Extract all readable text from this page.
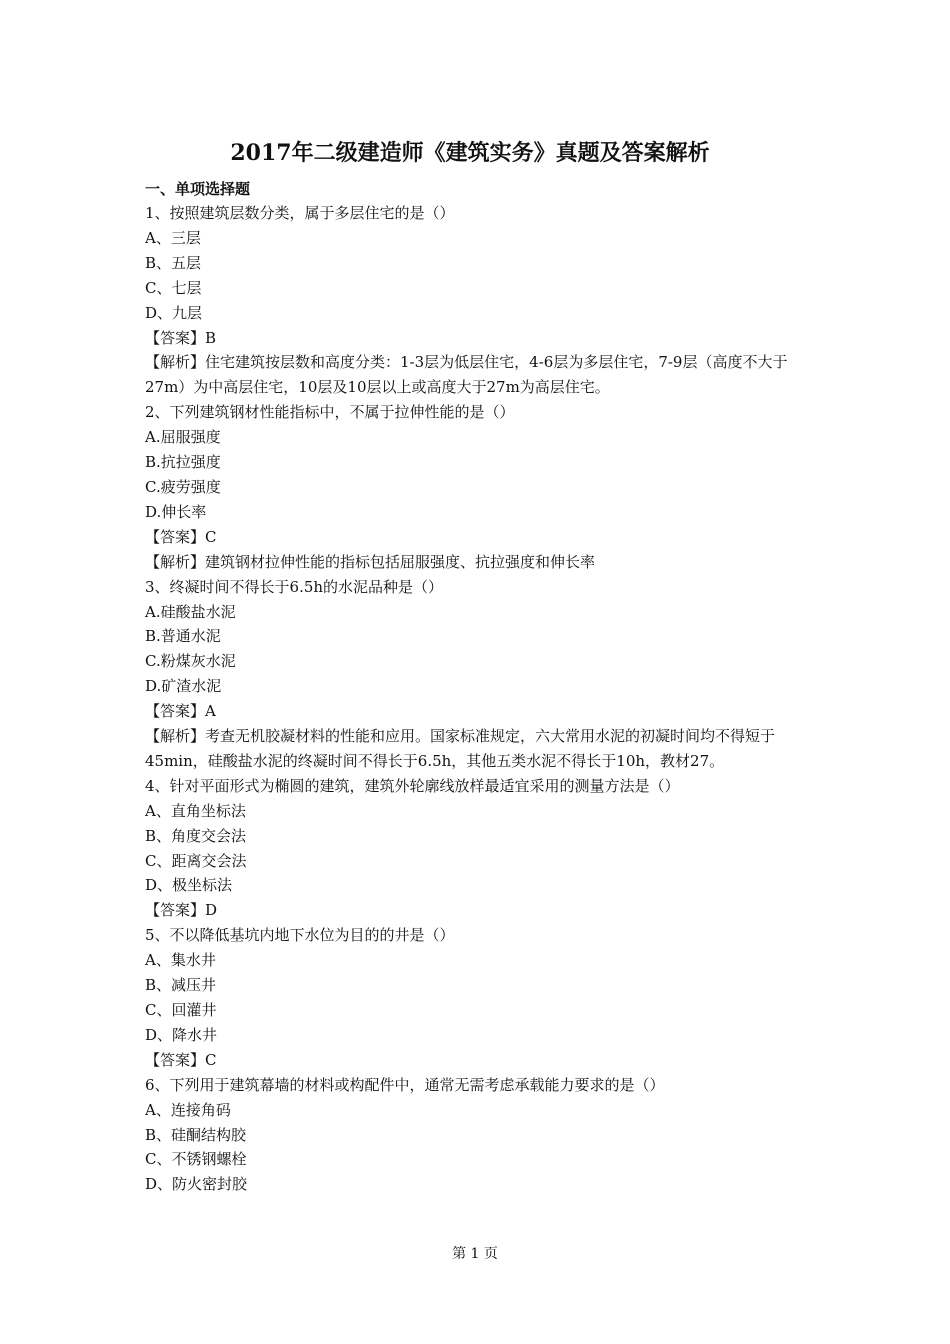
2017年二级建造师《建筑实务》真题及答案解析
一、单项选择题
1、按照建筑层数分类，属于多层住宅的是（）
A、三层
B、五层
C、七层
D、九层
【答案】B
【解析】住宅建筑按层数和高度分类：1-3层为低层住宅，4-6层为多层住宅，7-9层（高度不大于27m）为中高层住宅，10层及10层以上或高度大于27m为高层住宅。
2、下列建筑钢材性能指标中，不属于拉伸性能的是（）
A.屈服强度
B.抗拉强度
C.疲劳强度
D.伸长率
【答案】C
【解析】建筑钢材拉伸性能的指标包括屈服强度、抗拉强度和伸长率
3、终凝时间不得长于6.5h的水泥品种是（）
A.硅酸盐水泥
B.普通水泥
C.粉煤灰水泥
D.矿渣水泥
【答案】A
【解析】考查无机胶凝材料的性能和应用。国家标准规定，六大常用水泥的初凝时间均不得短于45min，硅酸盐水泥的终凝时间不得长于6.5h，其他五类水泥不得长于10h，教材27。
4、针对平面形式为椭圆的建筑，建筑外轮廓线放样最适宜采用的测量方法是（）
A、直角坐标法
B、角度交会法
C、距离交会法
D、极坐标法
【答案】D
5、不以降低基坑内地下水位为目的的井是（）
A、集水井
B、减压井
C、回灌井
D、降水井
【答案】C
6、下列用于建筑幕墙的材料或构配件中，通常无需考虑承载能力要求的是（）
A、连接角码
B、硅酮结构胶
C、不锈钢螺栓
D、防火密封胶
第 1 页
